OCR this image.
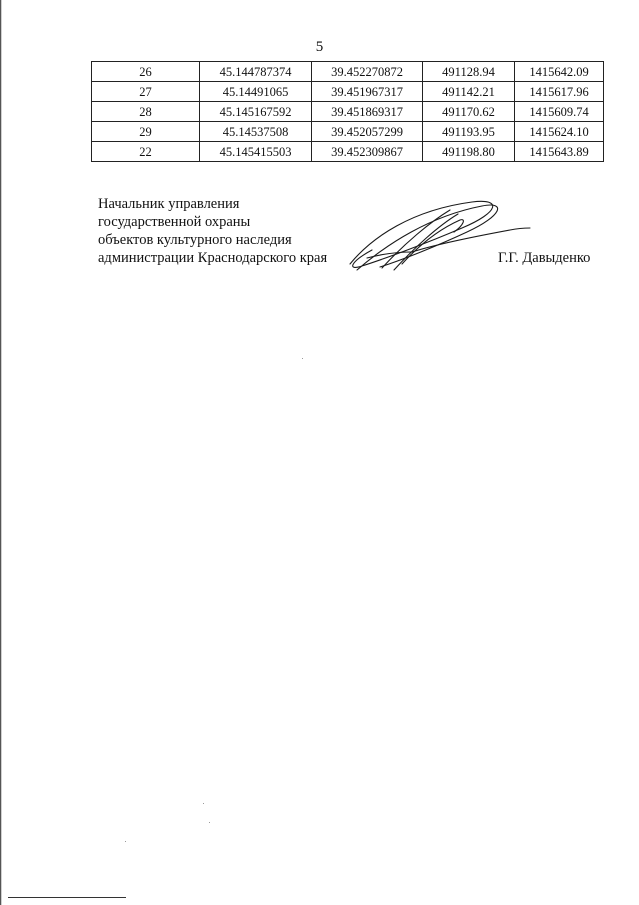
5
26	45.144787374	39.452270872	491128.94	1415642.09
27	45.14491065	39.451967317	491142.21	1415617.96
28	45.145167592	39.451869317	491170.62	1415609.74
29	45.14537508	39.452057299	491193.95	1415624.10
22	45.145415503	39.452309867	491198.80	1415643.89
Начальник управления
государственной охраны
объектов культурного наследия
администрации Краснодарского края	Г.Г. Давыденко
